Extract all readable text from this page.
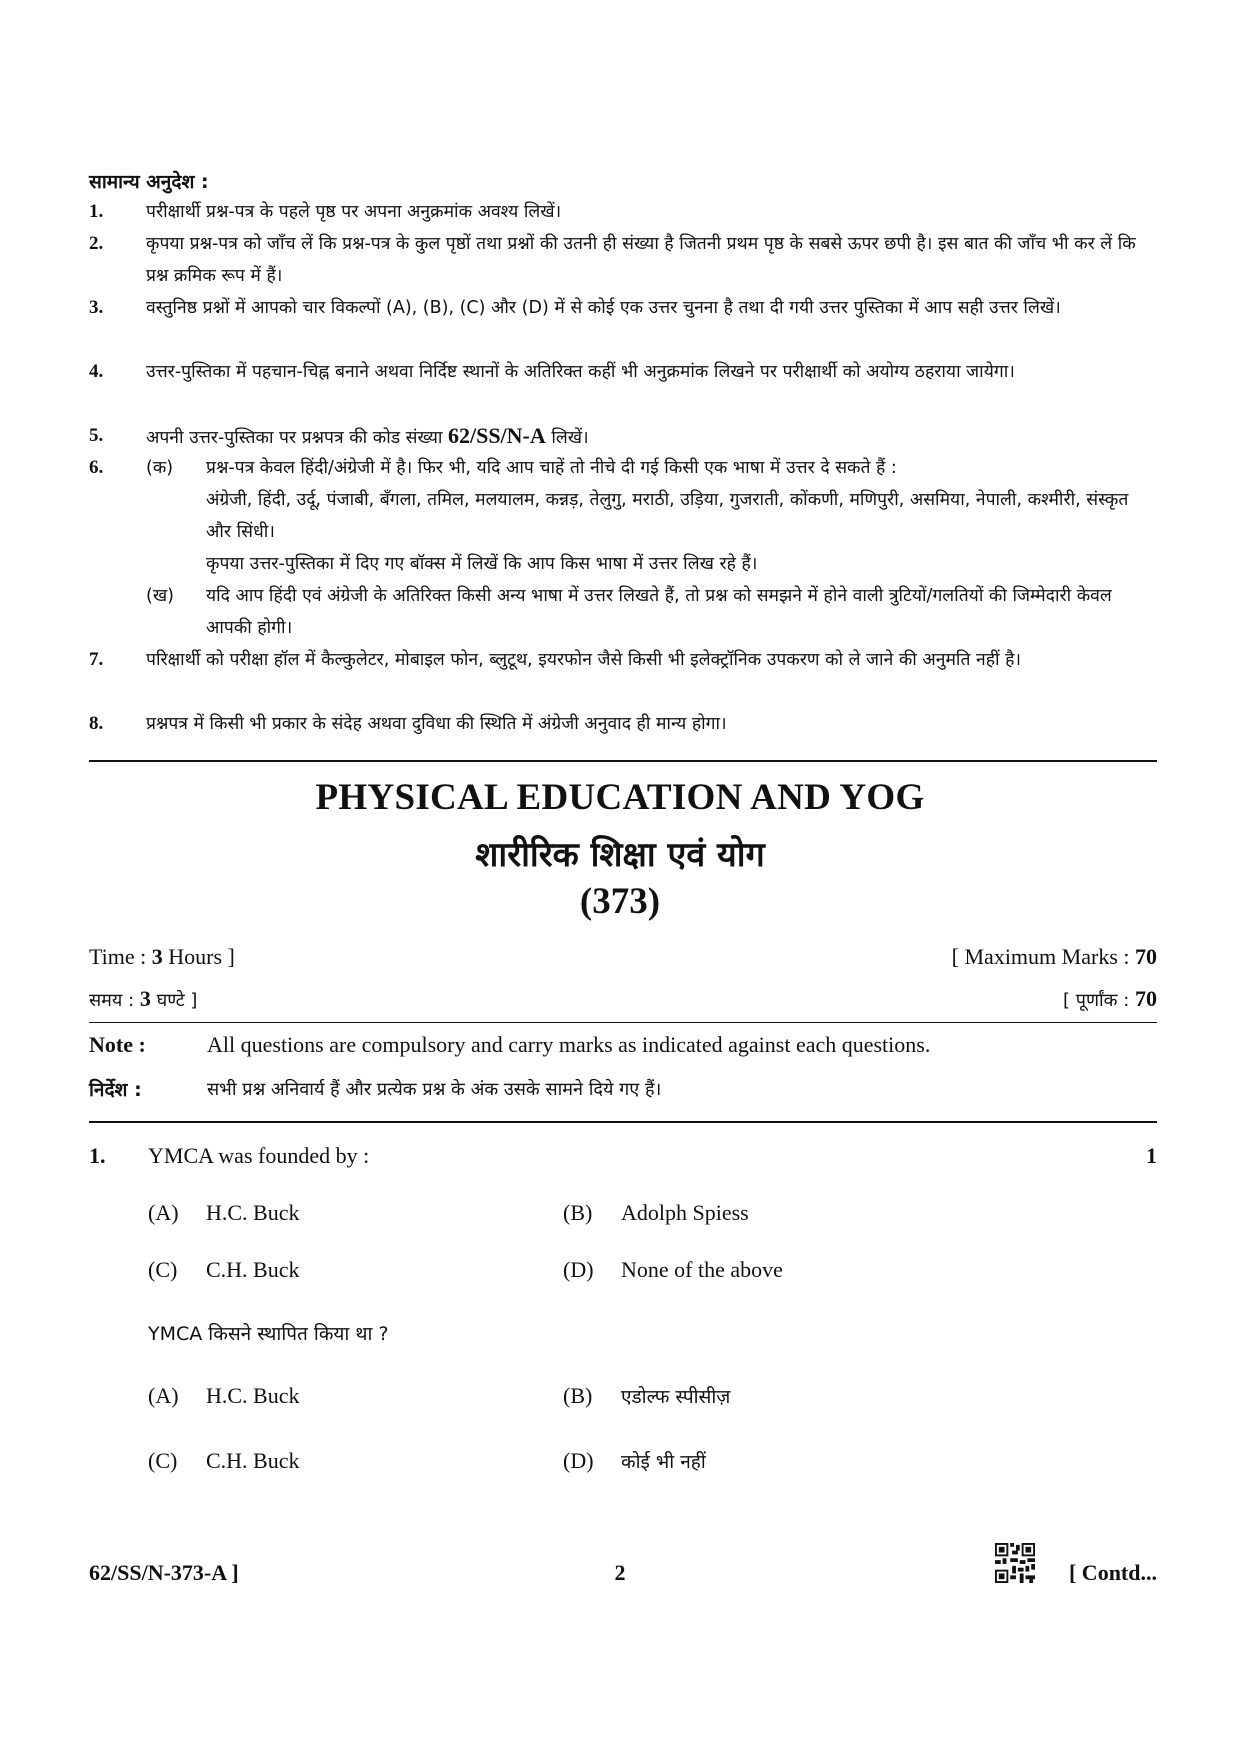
सामान्य अनुदेश :
1. परीक्षार्थी प्रश्न-पत्र के पहले पृष्ठ पर अपना अनुक्रमांक अवश्य लिखें।
2. कृपया प्रश्न-पत्र को जाँच लें कि प्रश्न-पत्र के कुल पृष्ठों तथा प्रश्नों की उतनी ही संख्या है जितनी प्रथम पृष्ठ के सबसे ऊपर छपी है। इस बात की जाँच भी कर लें कि प्रश्न क्रमिक रूप में हैं।
3. वस्तुनिष्ठ प्रश्नों में आपको चार विकल्पों (A), (B), (C) और (D) में से कोई एक उत्तर चुनना है तथा दी गयी उत्तर पुस्तिका में आप सही उत्तर लिखें।
4. उत्तर-पुस्तिका में पहचान-चिह्न बनाने अथवा निर्दिष्ट स्थानों के अतिरिक्त कहीं भी अनुक्रमांक लिखने पर परीक्षार्थी को अयोग्य ठहराया जायेगा।
5. अपनी उत्तर-पुस्तिका पर प्रश्नपत्र की कोड संख्या 62/SS/N-A लिखें।
6. (क) प्रश्न-पत्र केवल हिंदी/अंग्रेजी में है। फिर भी, यदि आप चाहें तो नीचे दी गई किसी एक भाषा में उत्तर दे सकते हैं :
अंग्रेजी, हिंदी, उर्दू, पंजाबी, बँगला, तमिल, मलयालम, कन्नड़, तेलुगु, मराठी, उड़िया, गुजराती, कोंकणी, मणिपुरी, असमिया, नेपाली, कश्मीरी, संस्कृत और सिंधी।
कृपया उत्तर-पुस्तिका में दिए गए बॉक्स में लिखें कि आप किस भाषा में उत्तर लिख रहे हैं।
(ख) यदि आप हिंदी एवं अंग्रेजी के अतिरिक्त किसी अन्य भाषा में उत्तर लिखते हैं, तो प्रश्न को समझने में होने वाली त्रुटियों/गलतियों की जिम्मेदारी केवल आपकी होगी।
7. परिक्षार्थी को परीक्षा हॉल में कैल्कुलेटर, मोबाइल फोन, ब्लुटूथ, इयरफोन जैसे किसी भी इलेक्ट्रॉनिक उपकरण को ले जाने की अनुमति नहीं है।
8. प्रश्नपत्र में किसी भी प्रकार के संदेह अथवा दुविधा की स्थिति में अंग्रेजी अनुवाद ही मान्य होगा।
PHYSICAL EDUCATION AND YOG
शारीरिक शिक्षा एवं योग
(373)
Time : 3 Hours ]	[ Maximum Marks : 70
समय : 3 घण्टे ]	[ पूर्णांक : 70
Note :	All questions are compulsory and carry marks as indicated against each questions.
निर्देश :	सभी प्रश्न अनिवार्य हैं और प्रत्येक प्रश्न के अंक उसके सामने दिये गए हैं।
1. YMCA was founded by :	1
(A) H.C. Buck	(B) Adolph Spiess
(C) C.H. Buck	(D) None of the above
YMCA किसने स्थापित किया था ?
(A) H.C. Buck	(B) एडोल्फ स्पीसीज़
(C) C.H. Buck	(D) कोई भी नहीं
62/SS/N-373-A ]	2	[ Contd...
